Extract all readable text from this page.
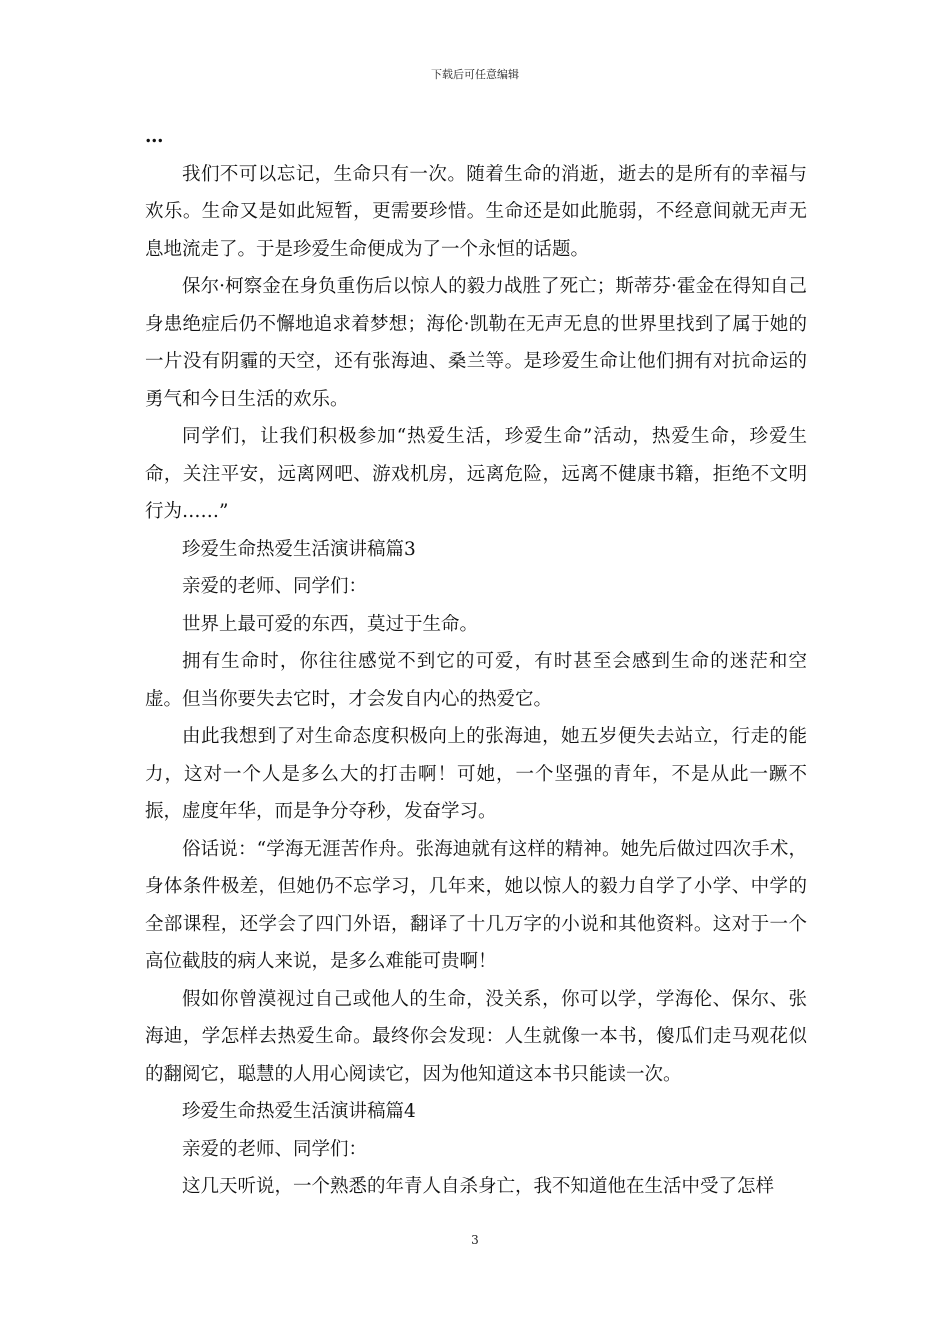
下载后可任意编辑

…

我们不可以忘记，生命只有一次。随着生命的消逝，逝去的是所有的幸福与欢乐。生命又是如此短暂，更需要珍惜。生命还是如此脆弱，不经意间就无声无息地流走了。于是珍爱生命便成为了一个永恒的话题。

保尔·柯察金在身负重伤后以惊人的毅力战胜了死亡；斯蒂芬·霍金在得知自己身患绝症后仍不懈地追求着梦想；海伦·凯勒在无声无息的世界里找到了属于她的一片没有阴霾的天空，还有张海迪、桑兰等。是珍爱生命让他们拥有对抗命运的勇气和今日生活的欢乐。

同学们，让我们积极参加“热爱生活，珍爱生命”活动，热爱生命，珍爱生命，关注平安，远离网吧、游戏机房，远离危险，远离不健康书籍，拒绝不文明行为……”

珍爱生命热爱生活演讲稿篇3

亲爱的老师、同学们：

世界上最可爱的东西，莫过于生命。

拥有生命时，你往往感觉不到它的可爱，有时甚至会感到生命的迷茫和空虚。但当你要失去它时，才会发自内心的热爱它。

由此我想到了对生命态度积极向上的张海迪，她五岁便失去站立，行走的能力，这对一个人是多么大的打击啊！可她，一个坚强的青年，不是从此一蹶不振，虚度年华，而是争分夺秒，发奋学习。

俗话说：“学海无涯苦作舟。张海迪就有这样的精神。她先后做过四次手术，身体条件极差，但她仍不忘学习，几年来，她以惊人的毅力自学了小学、中学的全部课程，还学会了四门外语，翻译了十几万字的小说和其他资料。这对于一个高位截肢的病人来说，是多么难能可贵啊！

假如你曾漠视过自己或他人的生命，没关系，你可以学，学海伦、保尔、张海迪，学怎样去热爱生命。最终你会发现：人生就像一本书，傻瓜们走马观花似的翻阅它，聪慧的人用心阅读它，因为他知道这本书只能读一次。

珍爱生命热爱生活演讲稿篇4

亲爱的老师、同学们：

这几天听说，一个熟悉的年青人自杀身亡，我不知道他在生活中受了怎样

3
